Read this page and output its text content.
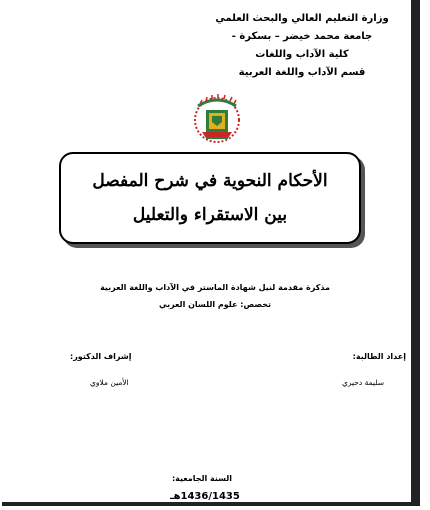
وزارة التعليم العالي والبحث العلمي
جامعة محمد خيضر – بسكرة -
كلية الآداب واللغات
قسم الآداب واللغة العربية
الأحكام النحوية في شرح المفصل
بين الاستقراء والتعليل
مذكرة مقدمة لنيل شهادة الماستر في الآداب واللغة العربية
تخصص: علوم اللسان العربي
إعداد الطالبة:
سليمة دحيري
إشراف الدكتور:
الأمين ملاوي
السنة الجامعية:
1436/1435هـ
